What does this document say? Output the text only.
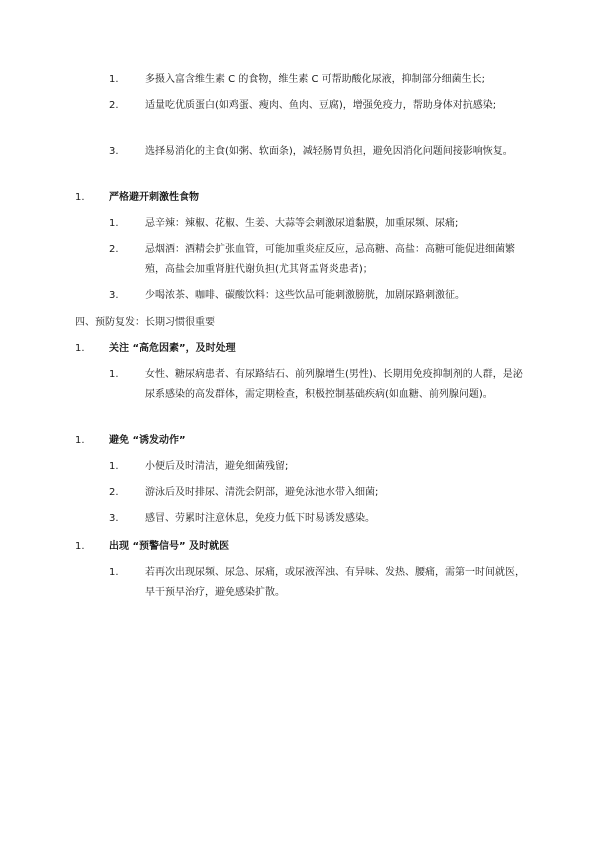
1.	多摄入富含维生素 C 的食物，维生素 C 可帮助酸化尿液，抑制部分细菌生长;
2.	适量吃优质蛋白(如鸡蛋、瘦肉、鱼肉、豆腐)，增强免疫力，帮助身体对抗感染;
3.	选择易消化的主食(如粥、软面条)，减轻肠胃负担，避免因消化问题间接影响恢复。
1. 严格避开刺激性食物
1.	忌辛辣：辣椒、花椒、生姜、大蒜等会刺激尿道黏膜，加重尿频、尿痛;
2.	忌烟酒：酒精会扩张血管，可能加重炎症反应，忌高糖、高盐：高糖可能促进细菌繁殖，高盐会加重肾脏代谢负担(尤其肾盂肾炎患者)；
3.	少喝浓茶、咖啡、碳酸饮料：这些饮品可能刺激膀胱，加剧尿路刺激征。
四、预防复发：长期习惯很重要
1. 关注 “高危因素”，及时处理
1.	女性、糖尿病患者、有尿路结石、前列腺增生(男性)、长期用免疫抑制剂的人群，是泌尿系感染的高发群体，需定期检查，积极控制基础疾病(如血糖、前列腺问题)。
1. 避免 “诱发动作”
1.	小便后及时清洁，避免细菌残留;
2.	游泳后及时排尿、清洗会阴部，避免泳池水带入细菌;
3.	感冒、劳累时注意休息，免疫力低下时易诱发感染。
1. 出现 “预警信号” 及时就医
1.	若再次出现尿频、尿急、尿痛，或尿液浑浊、有异味、发热、腰痛，需第一时间就医，早干预早治疗，避免感染扩散。
